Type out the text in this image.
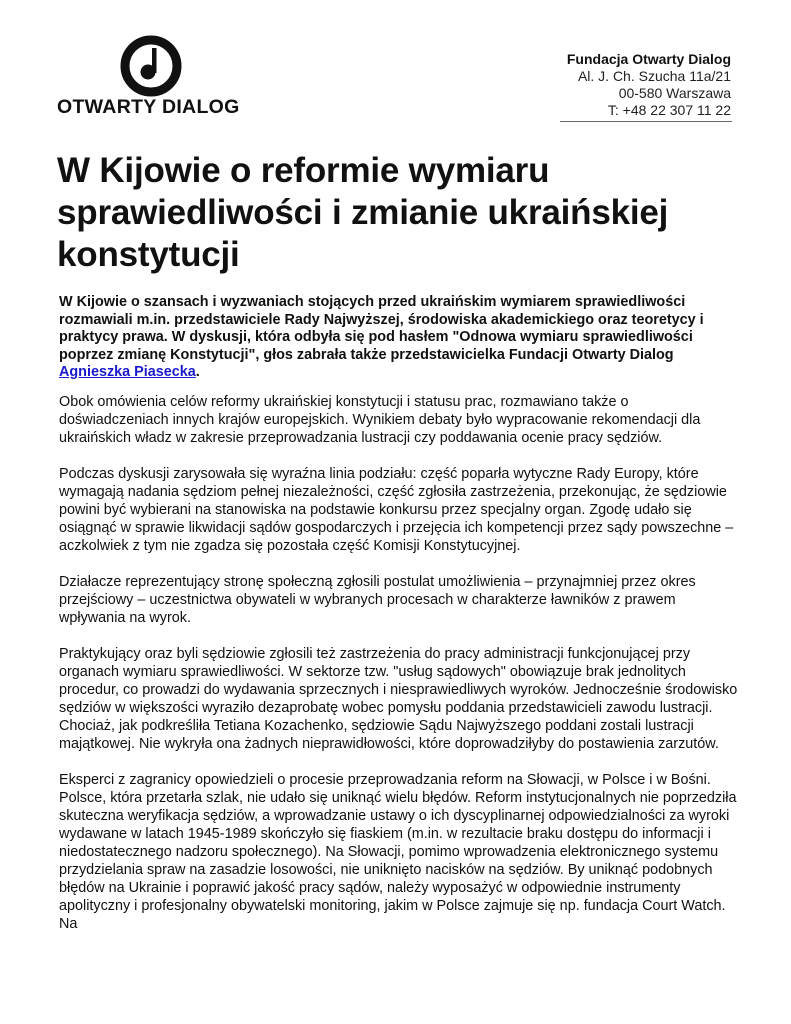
OTWARTY DIALOG
Fundacja Otwarty Dialog
Al. J. Ch. Szucha 11a/21
00-580 Warszawa
T: +48 22 307 11 22
W Kijowie o reformie wymiaru sprawiedliwości i zmianie ukraińskiej konstytucji

W Kijowie o szansach i wyzwaniach stojących przed ukraińskim wymiarem sprawiedliwości rozmawiali m.in. przedstawiciele Rady Najwyższej, środowiska akademickiego oraz teoretycy i praktycy prawa. W dyskusji, która odbyła się pod hasłem "Odnowa wymiaru sprawiedliwości poprzez zmianę Konstytucji", głos zabrała także przedstawicielka Fundacji Otwarty Dialog Agnieszka Piasecka.

Obok omówienia celów reformy ukraińskiej konstytucji i statusu prac, rozmawiano także o doświadczeniach innych krajów europejskich. Wynikiem debaty było wypracowanie rekomendacji dla ukraińskich władz w zakresie przeprowadzania lustracji czy poddawania ocenie pracy sędziów.

Podczas dyskusji zarysowała się wyraźna linia podziału: część poparła wytyczne Rady Europy, które wymagają nadania sędziom pełnej niezależności, część zgłosiła zastrzeżenia, przekonując, że sędziowie powini być wybierani na stanowiska na podstawie konkursu przez specjalny organ. Zgodę udało się osiągnąć w sprawie likwidacji sądów gospodarczych i przejęcia ich kompetencji przez sądy powszechne – aczkolwiek z tym nie zgadza się pozostała część Komisji Konstytucyjnej.

Działacze reprezentujący stronę społeczną zgłosili postulat umożliwienia – przynajmniej przez okres przejściowy – uczestnictwa obywateli w wybranych procesach w charakterze ławników z prawem wpływania na wyrok.

Praktykujący oraz byli sędziowie zgłosili też zastrzeżenia do pracy administracji funkcjonującej przy organach wymiaru sprawiedliwości. W sektorze tzw. "usług sądowych" obowiązuje brak jednolitych procedur, co prowadzi do wydawania sprzecznych i niesprawiedliwych wyroków. Jednocześnie środowisko sędziów w większości wyraziło dezaprobatę wobec pomysłu poddania przedstawicieli zawodu lustracji. Chociaż, jak podkreśliła Tetiana Kozachenko, sędziowie Sądu Najwyższego poddani zostali lustracji majątkowej. Nie wykryła ona żadnych nieprawidłowości, które doprowadziłyby do postawienia zarzutów.

Eksperci z zagranicy opowiedzieli o procesie przeprowadzania reform na Słowacji, w Polsce i w Bośni. Polsce, która przetarła szlak, nie udało się uniknąć wielu błędów. Reform instytucjonalnych nie poprzedziła skuteczna weryfikacja sędziów, a wprowadzanie ustawy o ich dyscyplinarnej odpowiedzialności za wyroki wydawane w latach 1945-1989 skończyło się fiaskiem (m.in. w rezultacie braku dostępu do informacji i niedostatecznego nadzoru społecznego). Na Słowacji, pomimo wprowadzenia elektronicznego systemu przydzielania spraw na zasadzie losowości, nie uniknięto nacisków na sędziów. By uniknąć podobnych błędów na Ukrainie i poprawić jakość pracy sądów, należy wyposażyć w odpowiednie instrumenty apolityczny i profesjonalny obywatelski monitoring, jakim w Polsce zajmuje się np. fundacja Court Watch. Na
